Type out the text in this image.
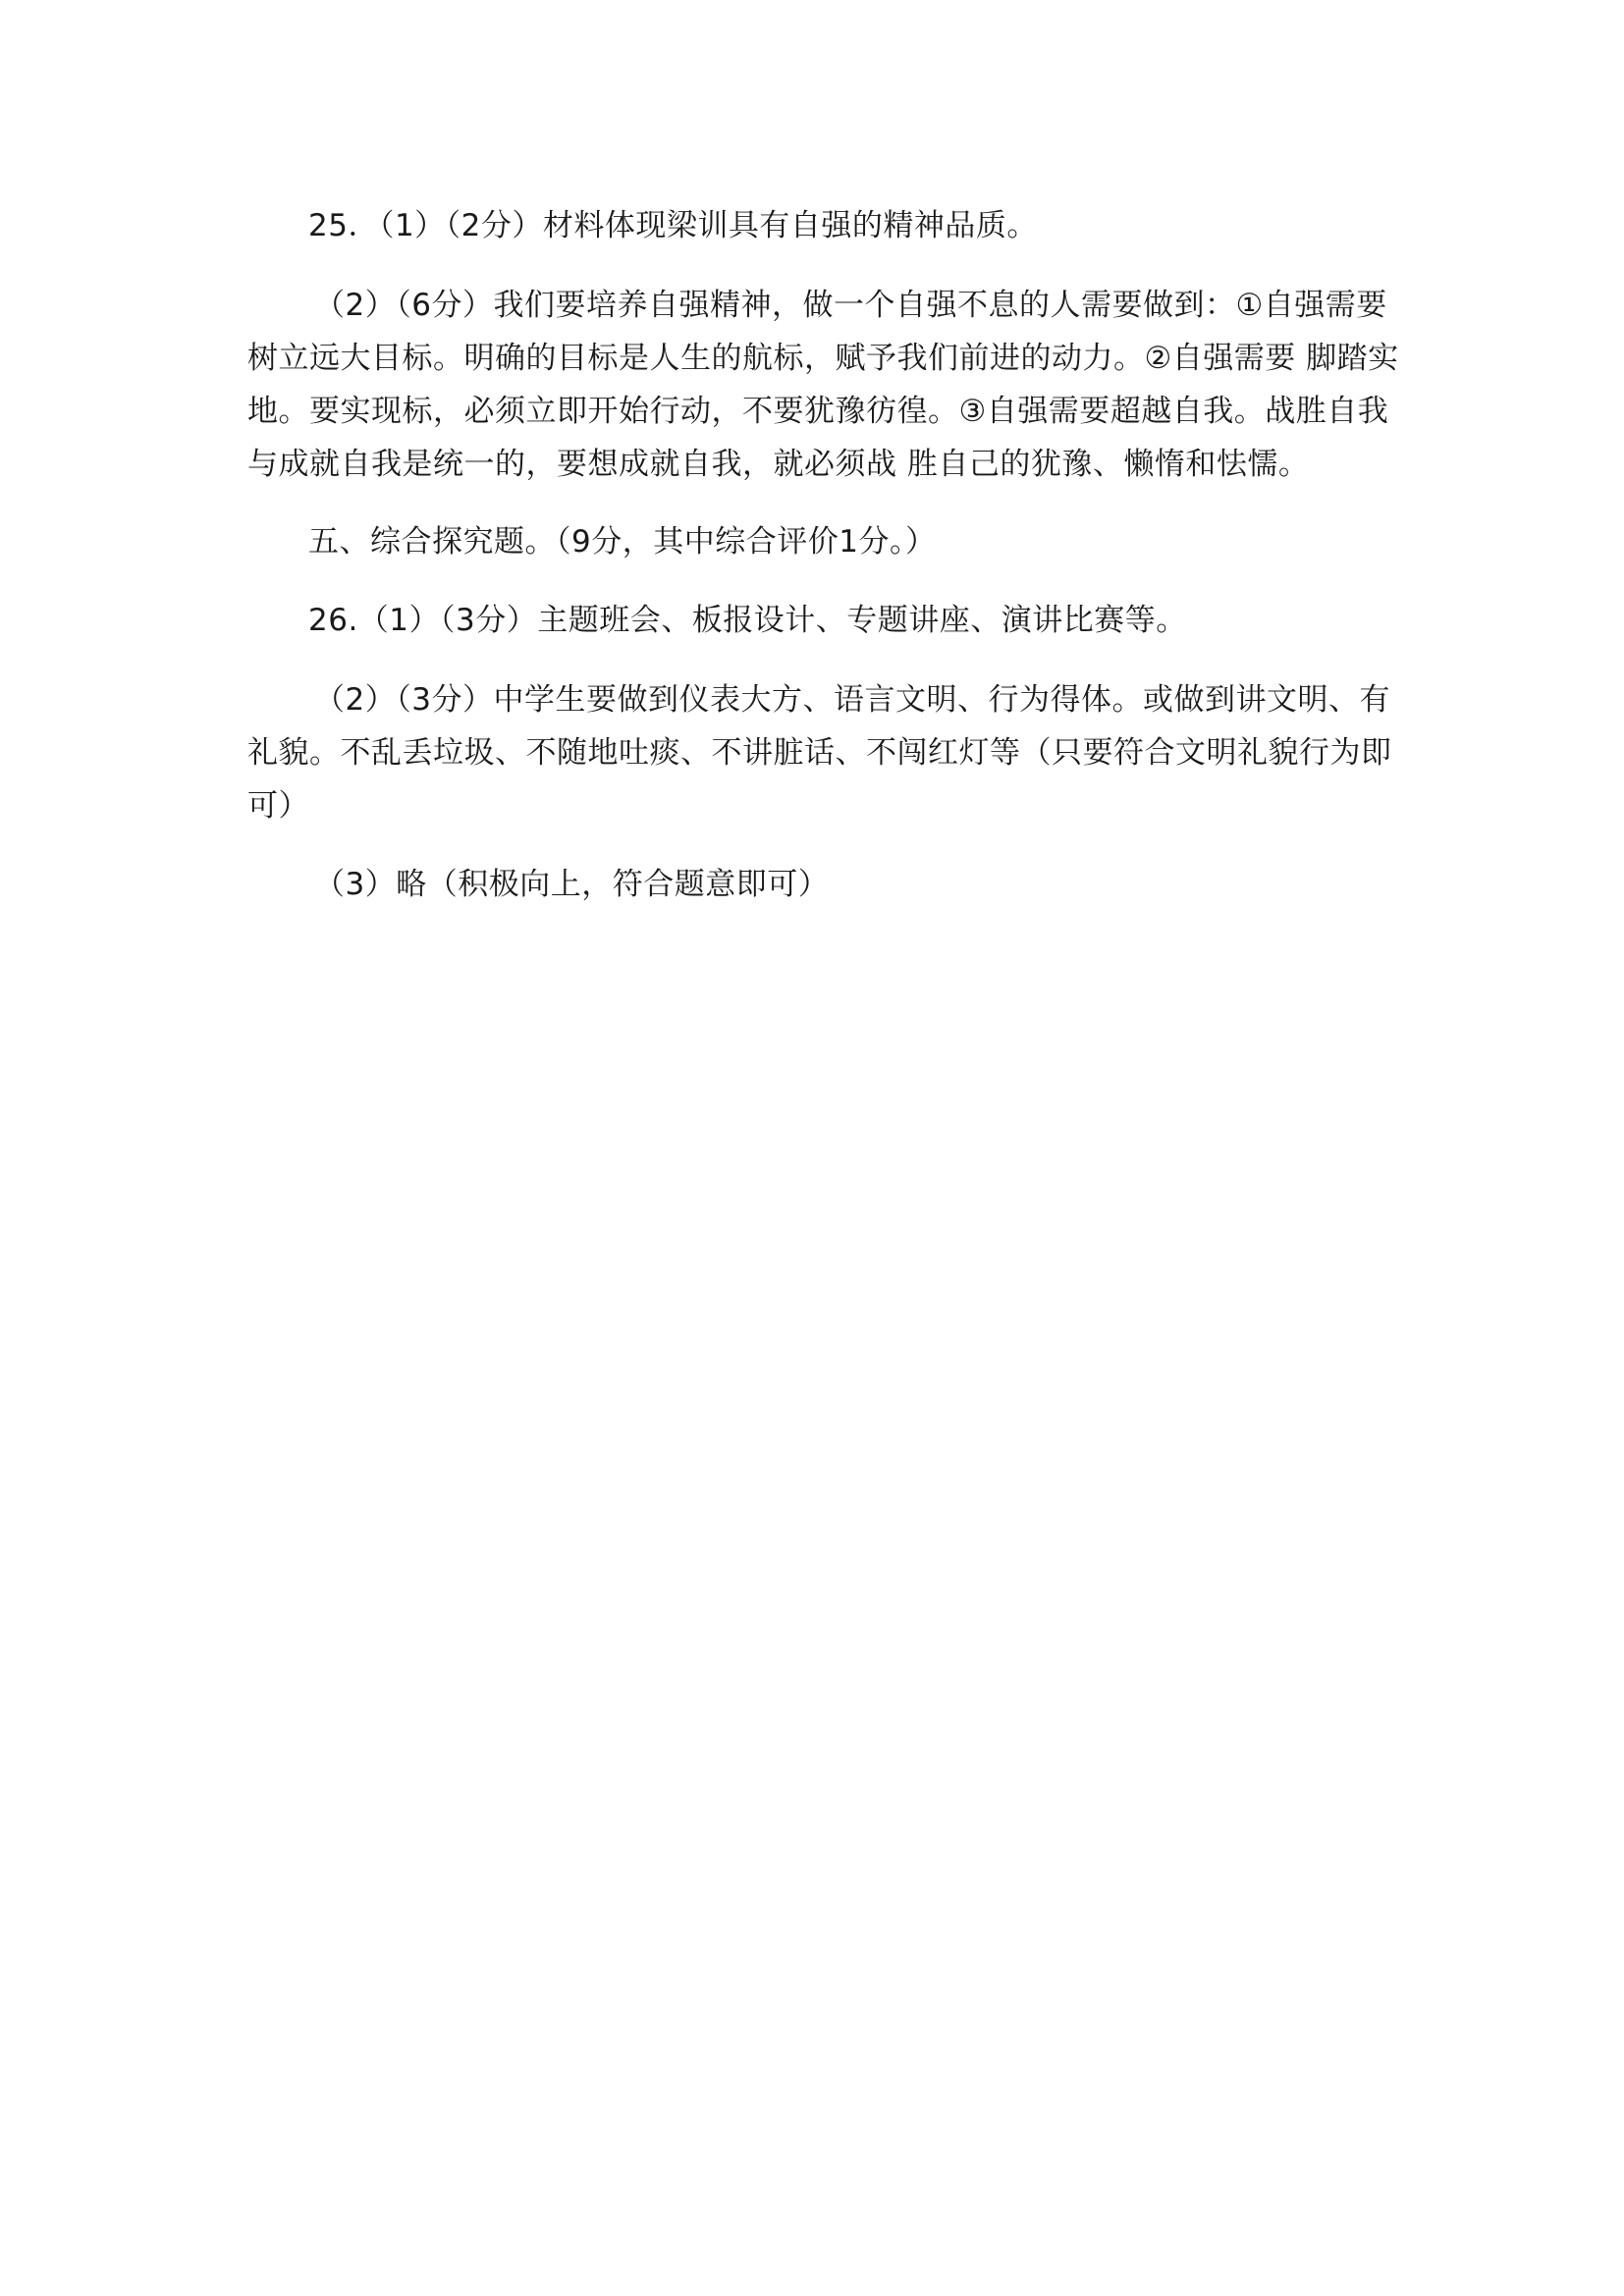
25．（1）（2分）材料体现梁训具有自强的精神品质。

（2）（6分）我们要培养自强精神，做一个自强不息的人需要做到：①自强需要
树立远大目标。明确的目标是人生的航标，赋予我们前进的动力。②自强需要 脚踏实
地。要实现标，必须立即开始行动，不要犹豫彷徨。③自强需要超越自我。战胜自我
与成就自我是统一的，要想成就自我，就必须战 胜自己的犹豫、懒惰和怯懦。

五、综合探究题。（9分，其中综合评价1分。）

26.（1）（3分）主题班会、板报设计、专题讲座、演讲比赛等。

（2）（3分）中学生要做到仪表大方、语言文明、行为得体。或做到讲文明、有
礼貌。不乱丢垃圾、不随地吐痰、不讲脏话、不闯红灯等（只要符合文明礼貌行为即
可）

（3）略（积极向上，符合题意即可）
